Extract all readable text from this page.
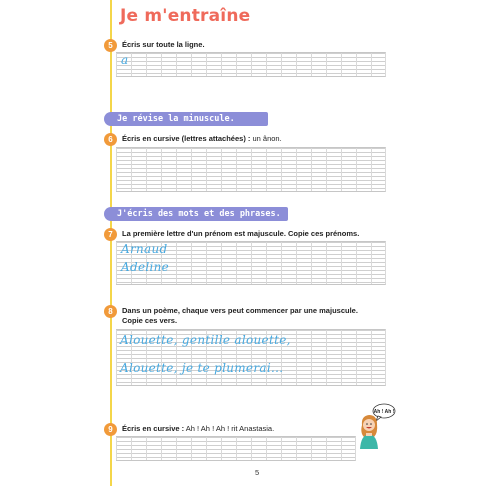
Je m'entraîne
5	Écris sur toute la ligne.
a
Je révise la minuscule.
6	Écris en cursive (lettres attachées) : un ânon.
J'écris des mots et des phrases.
7	La première lettre d'un prénom est majuscule. Copie ces prénoms.
Arnaud
Adeline
8	Dans un poème, chaque vers peut commencer par une majuscule.
Copie ces vers.
Alouette, gentille alouette,
Alouette, je te plumerai...
9	Écris en cursive : Ah ! Ah ! Ah ! rit Anastasia.
Ah ! Ah !
5
